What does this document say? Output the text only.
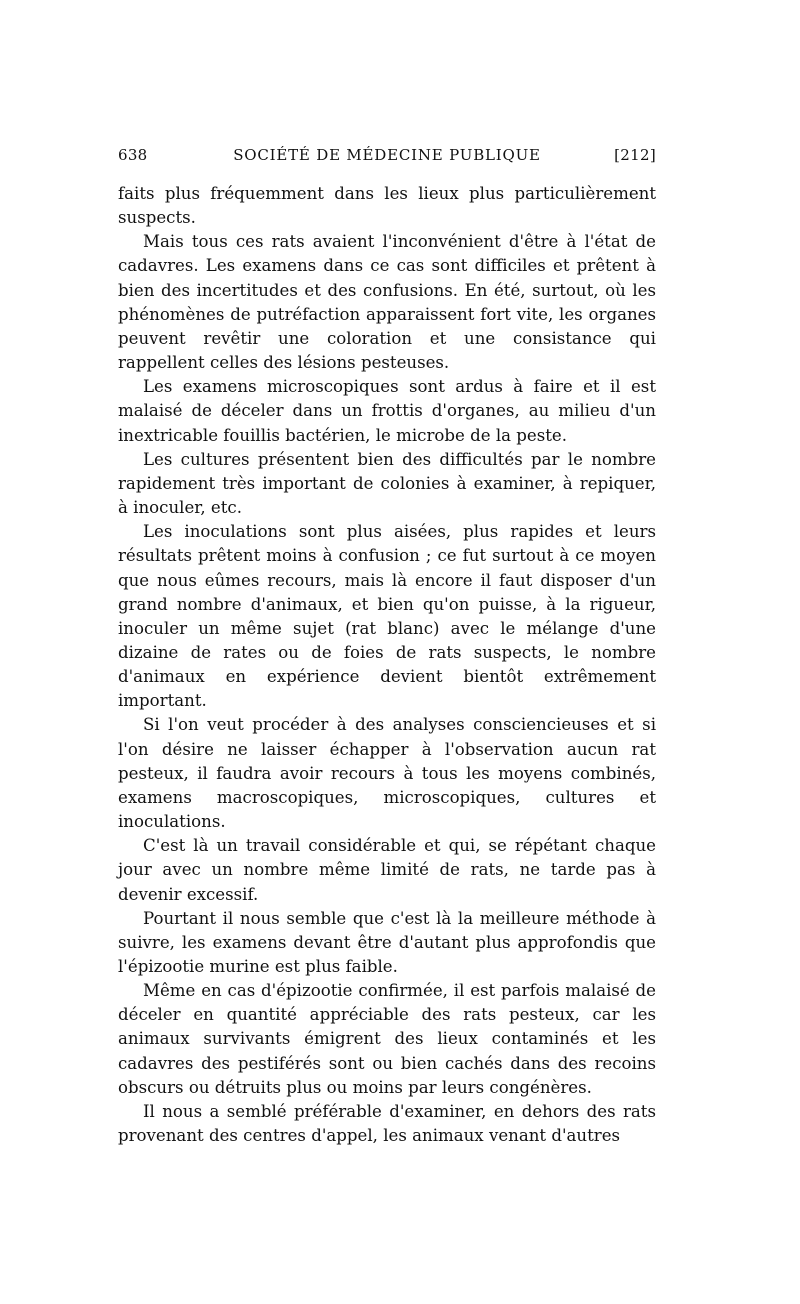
638	SOCIÉTÉ DE MÉDECINE PUBLIQUE	[212]

faits plus fréquemment dans les lieux plus particulièrement suspects.

Mais tous ces rats avaient l'inconvénient d'être à l'état de cadavres. Les examens dans ce cas sont difficiles et prêtent à bien des incertitudes et des confusions. En été, surtout, où les phénomènes de putréfaction apparaissent fort vite, les organes peuvent revêtir une coloration et une consistance qui rappellent celles des lésions pesteuses.

Les examens microscopiques sont ardus à faire et il est malaisé de déceler dans un frottis d'organes, au milieu d'un inextricable fouillis bactérien, le microbe de la peste.

Les cultures présentent bien des difficultés par le nombre rapidement très important de colonies à examiner, à repiquer, à inoculer, etc.

Les inoculations sont plus aisées, plus rapides et leurs résultats prêtent moins à confusion ; ce fut surtout à ce moyen que nous eûmes recours, mais là encore il faut disposer d'un grand nombre d'animaux, et bien qu'on puisse, à la rigueur, inoculer un même sujet (rat blanc) avec le mélange d'une dizaine de rates ou de foies de rats suspects, le nombre d'animaux en expérience devient bientôt extrêmement important.

Si l'on veut procéder à des analyses consciencieuses et si l'on désire ne laisser échapper à l'observation aucun rat pesteux, il faudra avoir recours à tous les moyens combinés, examens macroscopiques, microscopiques, cultures et inoculations.

C'est là un travail considérable et qui, se répétant chaque jour avec un nombre même limité de rats, ne tarde pas à devenir excessif.

Pourtant il nous semble que c'est là la meilleure méthode à suivre, les examens devant être d'autant plus approfondis que l'épizootie murine est plus faible.

Même en cas d'épizootie confirmée, il est parfois malaisé de déceler en quantité appréciable des rats pesteux, car les animaux survivants émigrent des lieux contaminés et les cadavres des pestiférés sont ou bien cachés dans des recoins obscurs ou détruits plus ou moins par leurs congénères.

Il nous a semblé préférable d'examiner, en dehors des rats provenant des centres d'appel, les animaux venant d'autres
